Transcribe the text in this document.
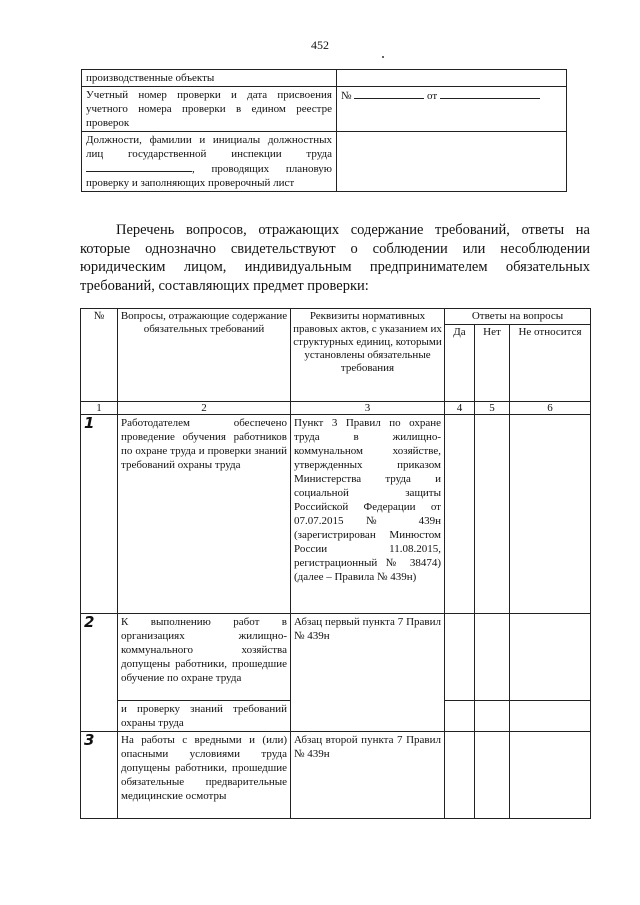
452
производственные объекты	
Учетный номер проверки и дата присвоения учетного номера проверки в едином реестре проверок	№ от
Должности, фамилии и инициалы должностных лиц государственной инспекции труда , проводящих плановую проверку и заполняющих проверочный лист	

Перечень вопросов, отражающих содержание требований, ответы на которые однозначно свидетельствуют о соблюдении или несоблюдении юридическим лицом, индивидуальным предпринимателем обязательных требований, составляющих предмет проверки:

№	Вопросы, отражающие содержание обязательных требований	Реквизиты нормативных правовых актов, с указанием их структурных единиц, которыми установлены обязательные требования	Ответы на вопросы		
			Да	Нет	Не относится
1	2	3	4	5	6
1	Работодателем обеспечено проведение обучения работников по охране труда и проверки знаний требований охраны труда	Пункт 3 Правил по охране труда в жилищно-коммунальном хозяйстве, утвержденных приказом Министерства труда и социальной защиты Российской Федерации от 07.07.2015 № 439н (зарегистрирован Минюстом России 11.08.2015, регистрационный № 38474) (далее – Правила № 439н)			
2	К выполнению работ в организациях жилищно-коммунального хозяйства допущены работники, прошедшие обучение по охране труда	Абзац первый пункта 7 Правил № 439н			
	и проверку знаний требований охраны труда				
3	На работы с вредными и (или) опасными условиями труда допущены работники, прошедшие обязательные предварительные медицинские осмотры	Абзац второй пункта 7 Правил № 439н			
